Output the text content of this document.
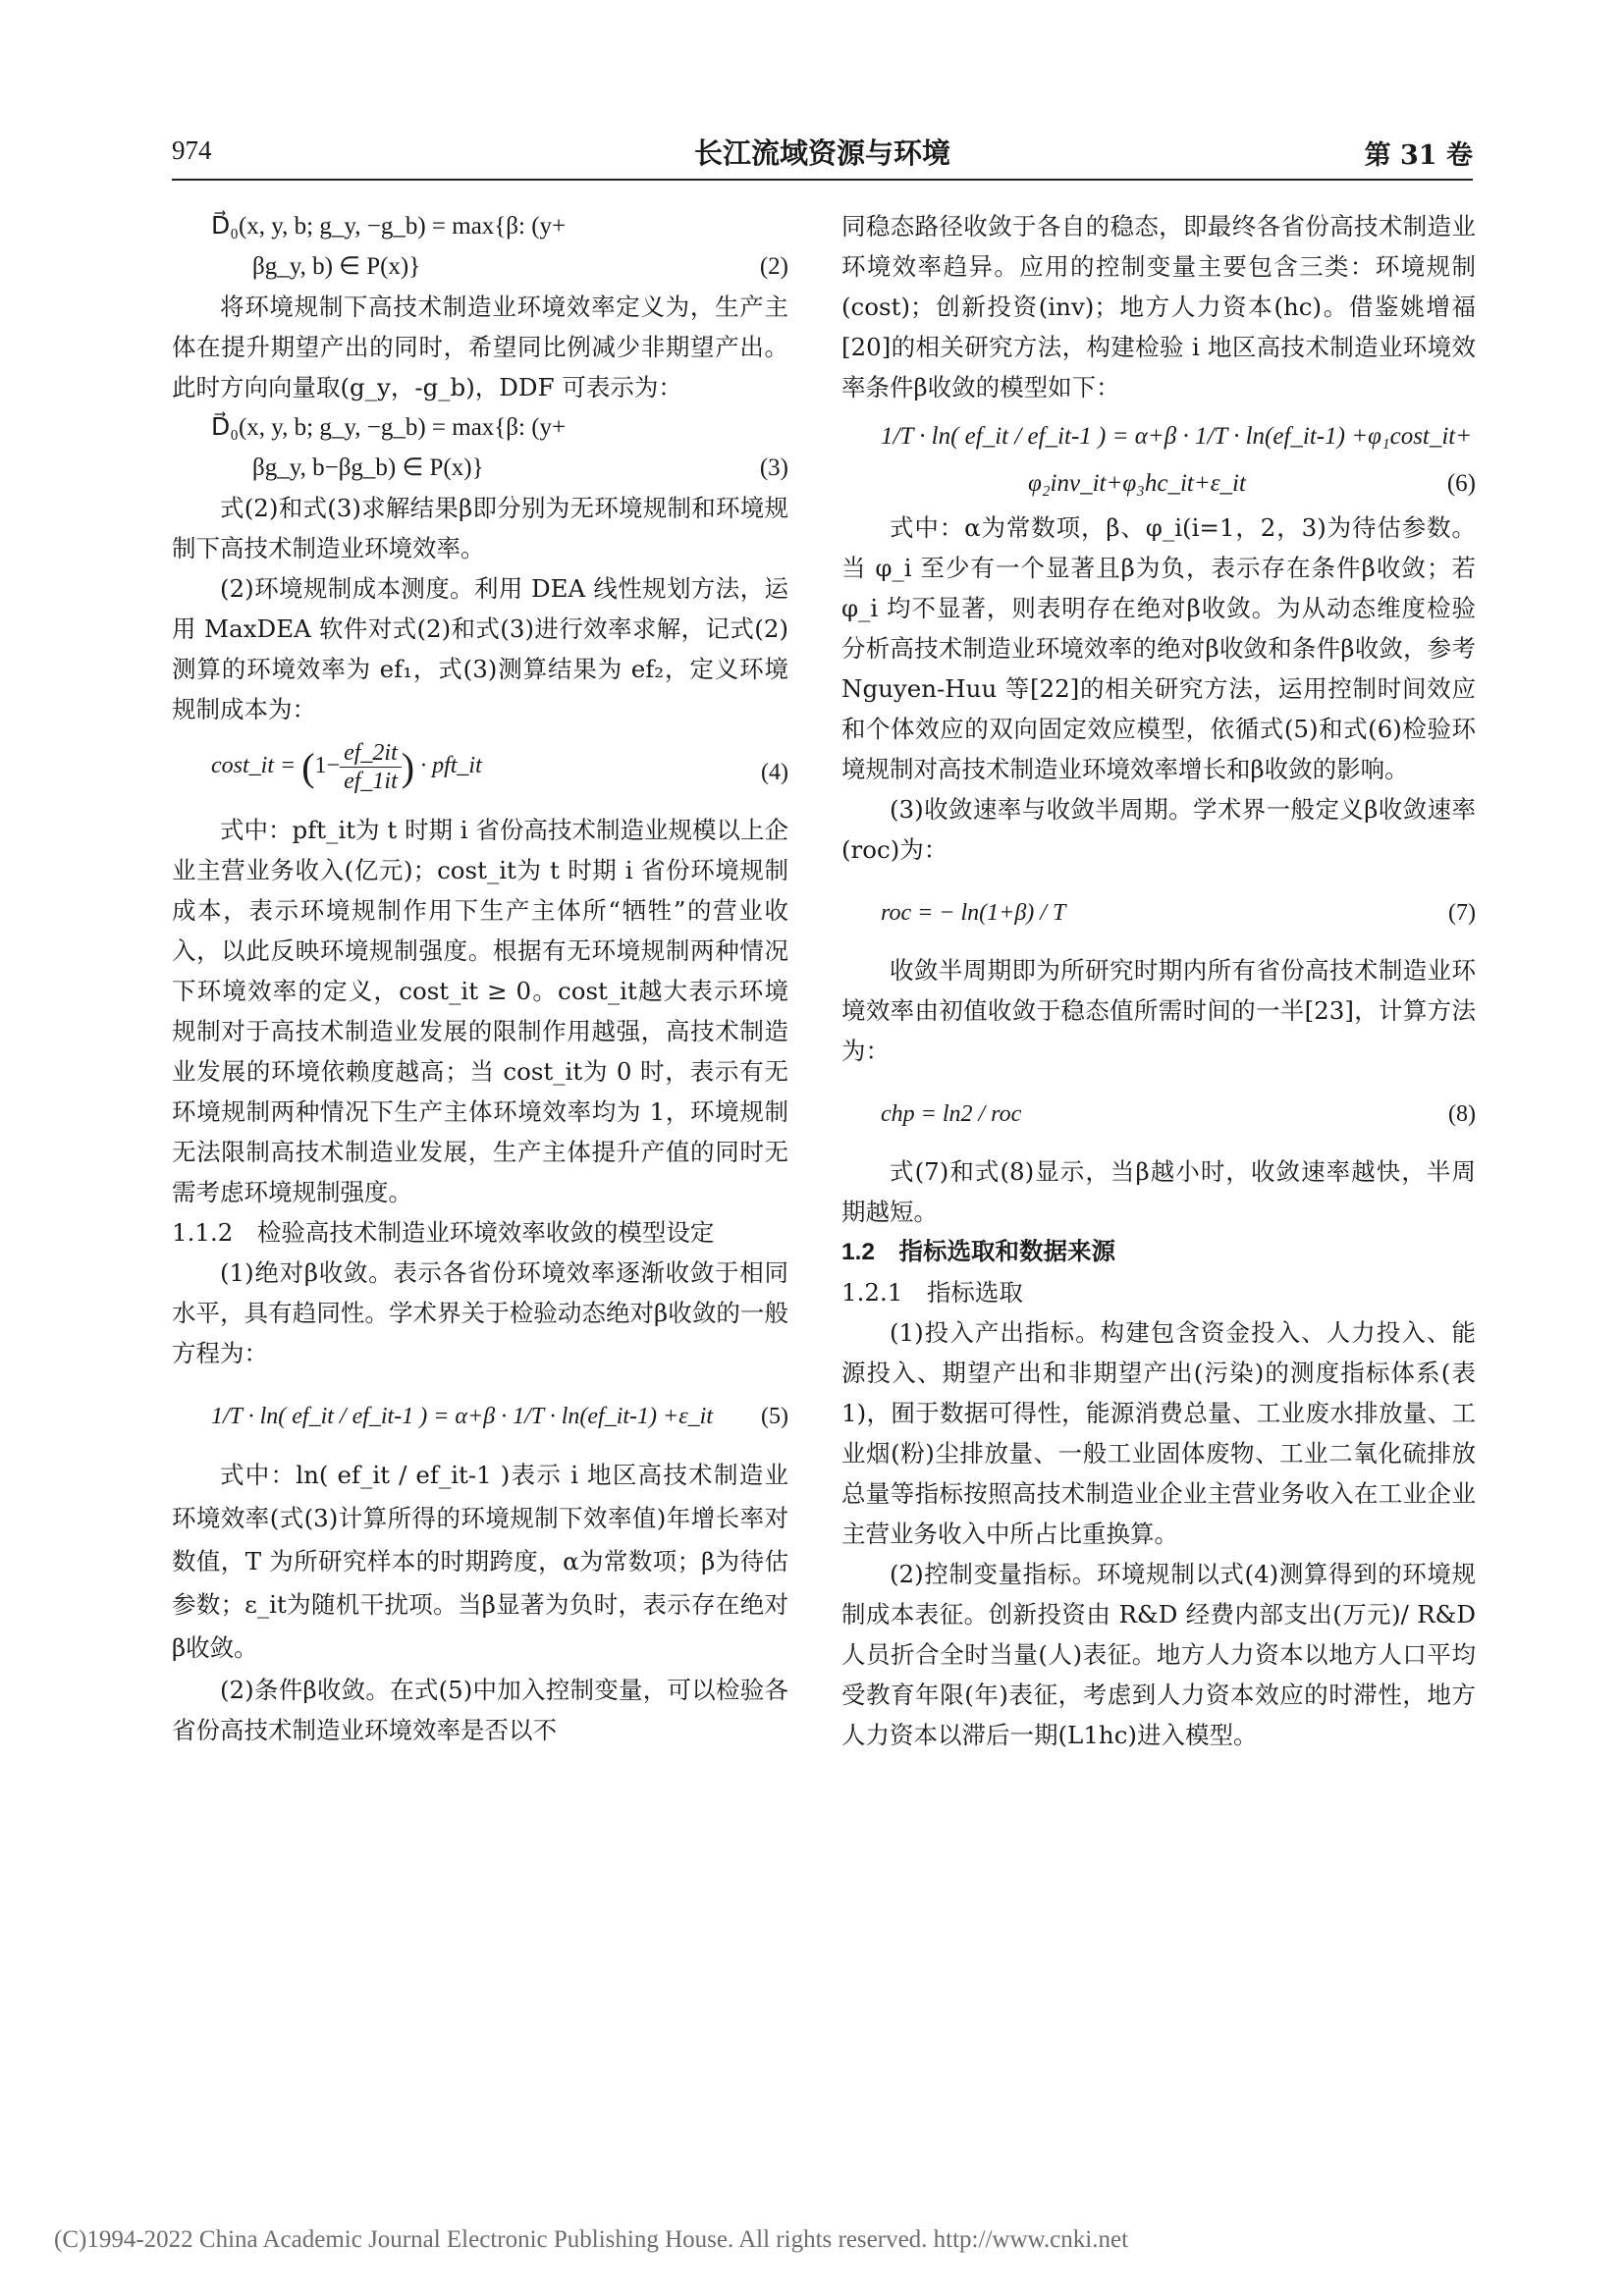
974	长江流域资源与环境	第 31 卷
D⃗₀(x, y, b; g_y, −g_b) = max{β: (y+
βg_y, b) ∈ P(x)}	(2)

将环境规制下高技术制造业环境效率定义为，生产主体在提升期望产出的同时，希望同比例减少非期望产出。此时方向向量取(g_y，-g_b)，DDF 可表示为：

D⃗₀(x, y, b; g_y, −g_b) = max{β: (y+
βg_y, b−βg_b) ∈ P(x)}	(3)

式(2)和式(3)求解结果β即分别为无环境规制和环境规制下高技术制造业环境效率。

(2)环境规制成本测度。利用 DEA 线性规划方法，运用 MaxDEA 软件对式(2)和式(3)进行效率求解，记式(2)测算的环境效率为 ef₁，式(3)测算结果为 ef₂，定义环境规制成本为：

cost_it = ($1- \frac{ef\_2it}{ef\_1it}$ ) · pft_it	(4)

式中：pft_it为 t 时期 i 省份高技术制造业规模以上企业主营业务收入(亿元)；cost_it为 t 时期 i 省份环境规制成本，表示环境规制作用下生产主体所“牺牲”的营业收入，以此反映环境规制强度。根据有无环境规制两种情况下环境效率的定义，cost_it ≥ 0。cost_it越大表示环境规制对于高技术制造业发展的限制作用越强，高技术制造业发展的环境依赖度越高；当 cost_it为 0 时，表示有无环境规制两种情况下生产主体环境效率均为 1，环境规制无法限制高技术制造业发展，生产主体提升产值的同时无需考虑环境规制强度。

1.1.2　检验高技术制造业环境效率收敛的模型设定

(1)绝对β收敛。表示各省份环境效率逐渐收敛于相同水平，具有趋同性。学术界关于检验动态绝对β收敛的一般方程为：

1/T · ln( ef_it / ef_it-1 ) = α+β · 1/T · ln(ef_it-1) +ε_it (5)

式中：ln( ef_it / ef_it-1 )表示 i 地区高技术制造业环境效率(式(3)计算所得的环境规制下效率值)年增长率对数值，T 为所研究样本的时期跨度，α为常数项；β为待估参数；ε_it为随机干扰项。当β显著为负时，表示存在绝对β收敛。

(2)条件β收敛。在式(5)中加入控制变量，可以检验各省份高技术制造业环境效率是否以不

同稳态路径收敛于各自的稳态，即最终各省份高技术制造业环境效率趋异。应用的控制变量主要包含三类：环境规制(cost)；创新投资(inv)；地方人力资本(hc)。借鉴姚增福[20]的相关研究方法，构建检验 i 地区高技术制造业环境效率条件β收敛的模型如下：

1/T · ln( ef_it / ef_it-1 ) = α+β · 1/T · ln(ef_it-1) +φ₁cost_it+
φ₂inv_it+φ₃hc_it+ε_it	(6)

式中：α为常数项，β、φ_i(i=1，2，3)为待估参数。当 φ_i 至少有一个显著且β为负，表示存在条件β收敛；若 φ_i 均不显著，则表明存在绝对β收敛。为从动态维度检验分析高技术制造业环境效率的绝对β收敛和条件β收敛，参考 Nguyen-Huu 等[22]的相关研究方法，运用控制时间效应和个体效应的双向固定效应模型，依循式(5)和式(6)检验环境规制对高技术制造业环境效率增长和β收敛的影响。

(3)收敛速率与收敛半周期。学术界一般定义β收敛速率(roc)为：

roc = − ln(1+β) / T	(7)

收敛半周期即为所研究时期内所有省份高技术制造业环境效率由初值收敛于稳态值所需时间的一半[23]，计算方法为：

chp = ln2 / roc	(8)

式(7)和式(8)显示，当β越小时，收敛速率越快，半周期越短。

1.2　指标选取和数据来源

1.2.1　指标选取

(1)投入产出指标。构建包含资金投入、人力投入、能源投入、期望产出和非期望产出(污染)的测度指标体系(表 1)，囿于数据可得性，能源消费总量、工业废水排放量、工业烟(粉)尘排放量、一般工业固体废物、工业二氧化硫排放总量等指标按照高技术制造业企业主营业务收入在工业企业主营业务收入中所占比重换算。

(2)控制变量指标。环境规制以式(4)测算得到的环境规制成本表征。创新投资由 R&D 经费内部支出(万元)/ R&D 人员折合全时当量(人)表征。地方人力资本以地方人口平均受教育年限(年)表征，考虑到人力资本效应的时滞性，地方人力资本以滞后一期(L1hc)进入模型。

(C)1994-2022 China Academic Journal Electronic Publishing House. All rights reserved. http://www.cnki.net
